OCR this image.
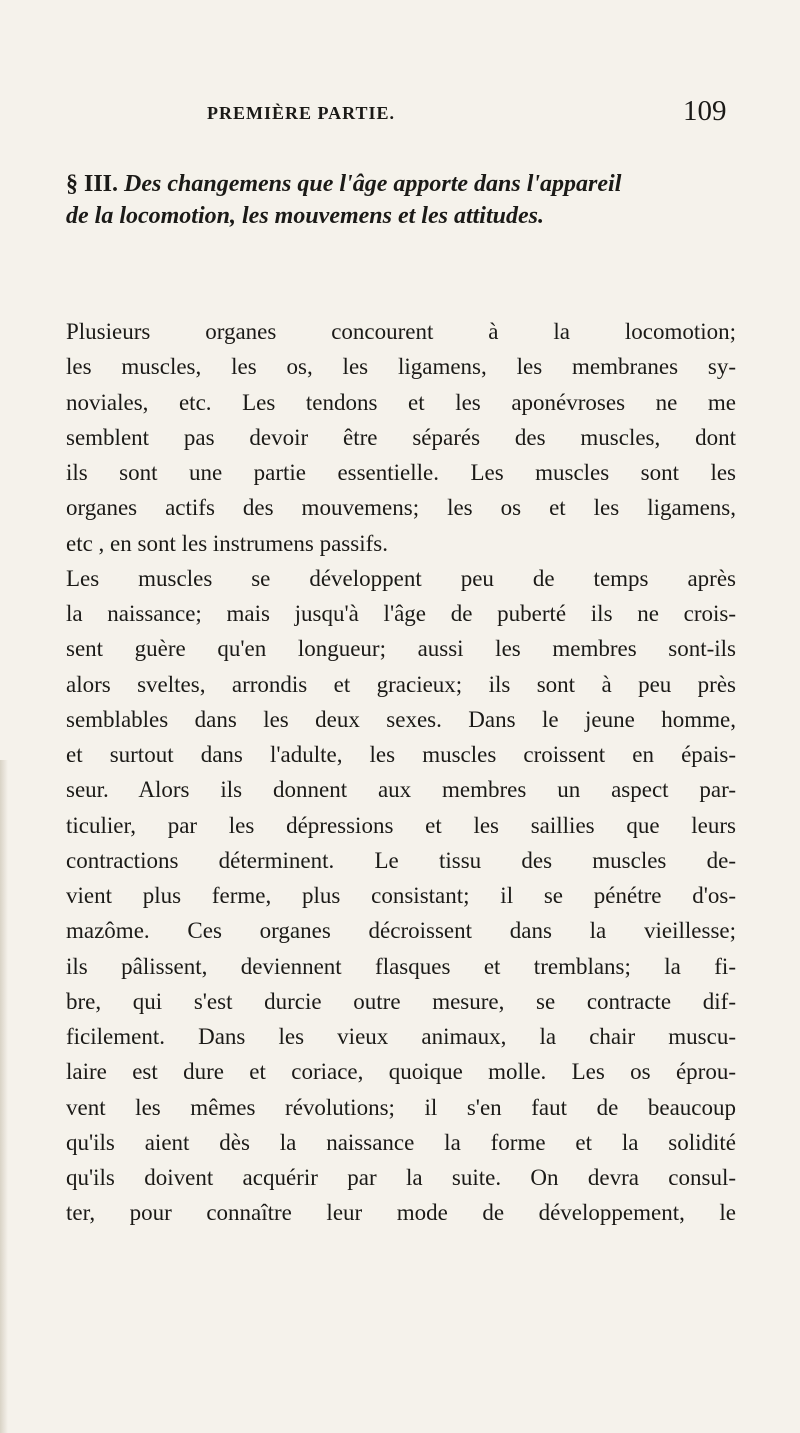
PREMIÈRE PARTIE.	109
§ III. Des changemens que l'âge apporte dans l'appareil
de la locomotion, les mouvemens et les attitudes.
Plusieurs organes concourent à la locomotion;
les muscles, les os, les ligamens, les membranes sy-
noviales, etc. Les tendons et les aponévroses ne me
semblent pas devoir être séparés des muscles, dont
ils sont une partie essentielle. Les muscles sont les
organes actifs des mouvemens; les os et les ligamens,
etc , en sont les instrumens passifs.
Les muscles se développent peu de temps après
la naissance; mais jusqu'à l'âge de puberté ils ne crois-
sent guère qu'en longueur; aussi les membres sont-ils
alors sveltes, arrondis et gracieux; ils sont à peu près
semblables dans les deux sexes. Dans le jeune homme,
et surtout dans l'adulte, les muscles croissent en épais-
seur. Alors ils donnent aux membres un aspect par-
ticulier, par les dépressions et les saillies que leurs
contractions déterminent. Le tissu des muscles de-
vient plus ferme, plus consistant; il se pénétre d'os-
mazôme. Ces organes décroissent dans la vieillesse;
ils pâlissent, deviennent flasques et tremblans; la fi-
bre, qui s'est durcie outre mesure, se contracte dif-
ficilement. Dans les vieux animaux, la chair muscu-
laire est dure et coriace, quoique molle. Les os éprou-
vent les mêmes révolutions; il s'en faut de beaucoup
qu'ils aient dès la naissance la forme et la solidité
qu'ils doivent acquérir par la suite. On devra consul-
ter, pour connaître leur mode de développement, le
